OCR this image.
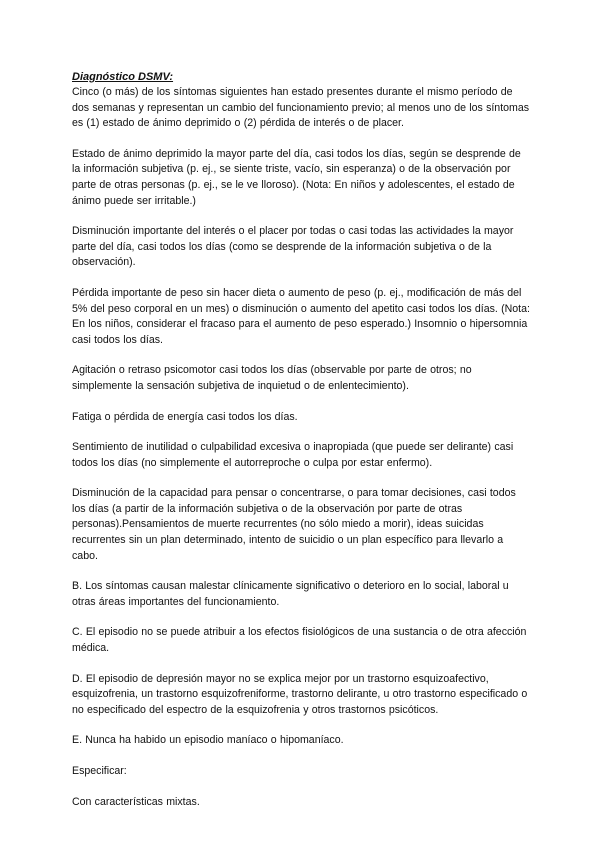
Diagnóstico DSMV:

Cinco (o más) de los síntomas siguientes han estado presentes durante el mismo período de dos semanas y representan un cambio del funcionamiento previo; al menos uno de los síntomas es (1) estado de ánimo deprimido o (2) pérdida de interés o de placer.

Estado de ánimo deprimido la mayor parte del día, casi todos los días, según se desprende de la información subjetiva (p. ej., se siente triste, vacío, sin esperanza) o de la observación por parte de otras personas (p. ej., se le ve lloroso). (Nota: En niños y adolescentes, el estado de ánimo puede ser irritable.)

Disminución importante del interés o el placer por todas o casi todas las actividades la mayor parte del día, casi todos los días (como se desprende de la información subjetiva o de la observación).

Pérdida importante de peso sin hacer dieta o aumento de peso (p. ej., modificación de más del 5% del peso corporal en un mes) o disminución o aumento del apetito casi todos los días. (Nota: En los niños, considerar el fracaso para el aumento de peso esperado.) Insomnio o hipersomnia casi todos los días.

Agitación o retraso psicomotor casi todos los días (observable por parte de otros; no simplemente la sensación subjetiva de inquietud o de enlentecimiento).

Fatiga o pérdida de energía casi todos los días.

Sentimiento de inutilidad o culpabilidad excesiva o inapropiada (que puede ser delirante) casi todos los días (no simplemente el autorreproche o culpa por estar enfermo).

Disminución de la capacidad para pensar o concentrarse, o para tomar decisiones, casi todos los días (a partir de la información subjetiva o de la observación por parte de otras personas).Pensamientos de muerte recurrentes (no sólo miedo a morir), ideas suicidas recurrentes sin un plan determinado, intento de suicidio o un plan específico para llevarlo a cabo.

B. Los síntomas causan malestar clínicamente significativo o deterioro en lo social, laboral u otras áreas importantes del funcionamiento.

C. El episodio no se puede atribuir a los efectos fisiológicos de una sustancia o de otra afección médica.

D. El episodio de depresión mayor no se explica mejor por un trastorno esquizoafectivo, esquizofrenia, un trastorno esquizofreniforme, trastorno delirante, u otro trastorno especificado o no especificado del espectro de la esquizofrenia y otros trastornos psicóticos.

E. Nunca ha habido un episodio maníaco o hipomaníaco.

Especificar:

Con características mixtas.
